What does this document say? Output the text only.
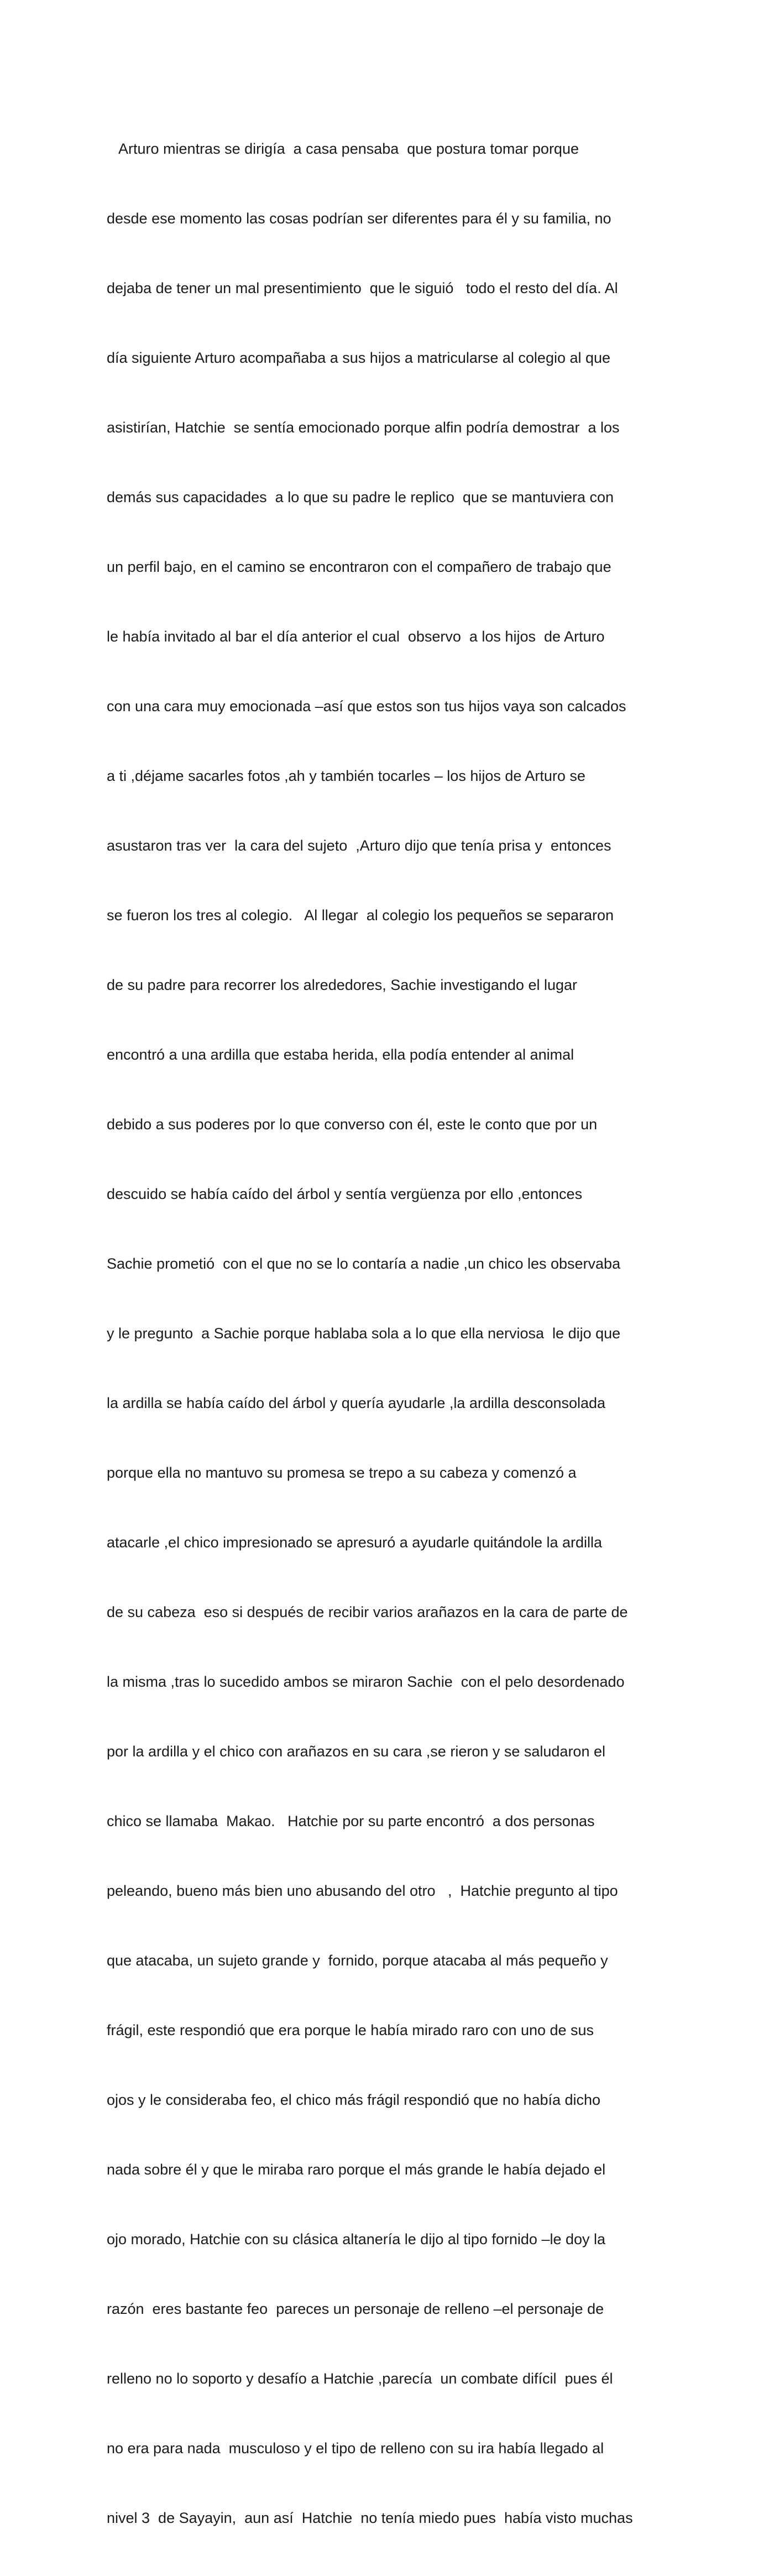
Arturo mientras se dirigía  a casa pensaba  que postura tomar porque

desde ese momento las cosas podrían ser diferentes para él y su familia, no

dejaba de tener un mal presentimiento  que le siguió   todo el resto del día. Al

día siguiente Arturo acompañaba a sus hijos a matricularse al colegio al que

asistirían, Hatchie  se sentía emocionado porque alfin podría demostrar  a los

demás sus capacidades  a lo que su padre le replico  que se mantuviera con

un perfil bajo, en el camino se encontraron con el compañero de trabajo que

le había invitado al bar el día anterior el cual  observo  a los hijos  de Arturo

con una cara muy emocionada –así que estos son tus hijos vaya son calcados

a ti ,déjame sacarles fotos ,ah y también tocarles – los hijos de Arturo se

asustaron tras ver  la cara del sujeto  ,Arturo dijo que tenía prisa y  entonces

se fueron los tres al colegio.   Al llegar  al colegio los pequeños se separaron

de su padre para recorrer los alrededores, Sachie investigando el lugar

encontró a una ardilla que estaba herida, ella podía entender al animal

debido a sus poderes por lo que converso con él, este le conto que por un

descuido se había caído del árbol y sentía vergüenza por ello ,entonces

Sachie prometió  con el que no se lo contaría a nadie ,un chico les observaba

y le pregunto  a Sachie porque hablaba sola a lo que ella nerviosa  le dijo que

la ardilla se había caído del árbol y quería ayudarle ,la ardilla desconsolada

porque ella no mantuvo su promesa se trepo a su cabeza y comenzó a

atacarle ,el chico impresionado se apresuró a ayudarle quitándole la ardilla

de su cabeza  eso si después de recibir varios arañazos en la cara de parte de

la misma ,tras lo sucedido ambos se miraron Sachie  con el pelo desordenado

por la ardilla y el chico con arañazos en su cara ,se rieron y se saludaron el

chico se llamaba  Makao.   Hatchie por su parte encontró  a dos personas

peleando, bueno más bien uno abusando del otro   ,  Hatchie pregunto al tipo

que atacaba, un sujeto grande y  fornido, porque atacaba al más pequeño y

frágil, este respondió que era porque le había mirado raro con uno de sus

ojos y le consideraba feo, el chico más frágil respondió que no había dicho

nada sobre él y que le miraba raro porque el más grande le había dejado el

ojo morado, Hatchie con su clásica altanería le dijo al tipo fornido –le doy la

razón  eres bastante feo  pareces un personaje de relleno –el personaje de

relleno no lo soporto y desafío a Hatchie ,parecía  un combate difícil  pues él

no era para nada  musculoso y el tipo de relleno con su ira había llegado al

nivel 3  de Sayayin,  aun así  Hatchie  no tenía miedo pues  había visto muchas
